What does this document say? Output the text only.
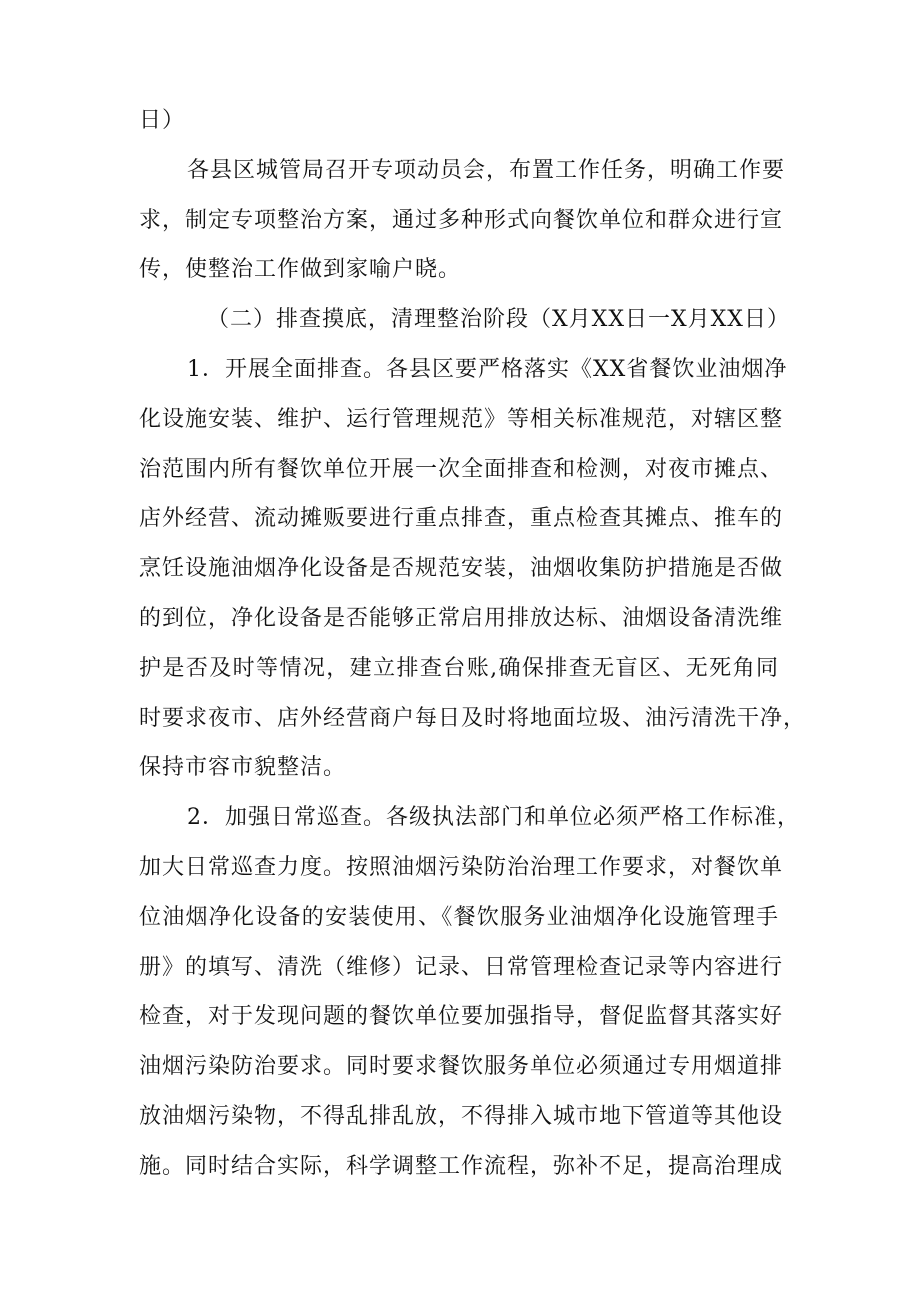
日）
各县区城管局召开专项动员会，布置工作任务，明确工作要
求，制定专项整治方案，通过多种形式向餐饮单位和群众进行宣
传，使整治工作做到家喻户晓。
（二）排查摸底，清理整治阶段（X月XX日一X月XX日）
1．开展全面排查。各县区要严格落实《XX省餐饮业油烟净
化设施安装、维护、运行管理规范》等相关标准规范，对辖区整
治范围内所有餐饮单位开展一次全面排查和检测，对夜市摊点、
店外经营、流动摊贩要进行重点排查，重点检查其摊点、推车的
烹饪设施油烟净化设备是否规范安装，油烟收集防护措施是否做
的到位，净化设备是否能够正常启用排放达标、油烟设备清洗维
护是否及时等情况，建立排查台账,确保排查无盲区、无死角同
时要求夜市、店外经营商户每日及时将地面垃圾、油污清洗干净，
保持市容市貌整洁。
2．加强日常巡查。各级执法部门和单位必须严格工作标准，
加大日常巡查力度。按照油烟污染防治治理工作要求，对餐饮单
位油烟净化设备的安装使用、《餐饮服务业油烟净化设施管理手
册》的填写、清洗（维修）记录、日常管理检查记录等内容进行
检查，对于发现问题的餐饮单位要加强指导，督促监督其落实好
油烟污染防治要求。同时要求餐饮服务单位必须通过专用烟道排
放油烟污染物，不得乱排乱放，不得排入城市地下管道等其他设
施。同时结合实际，科学调整工作流程，弥补不足，提高治理成
